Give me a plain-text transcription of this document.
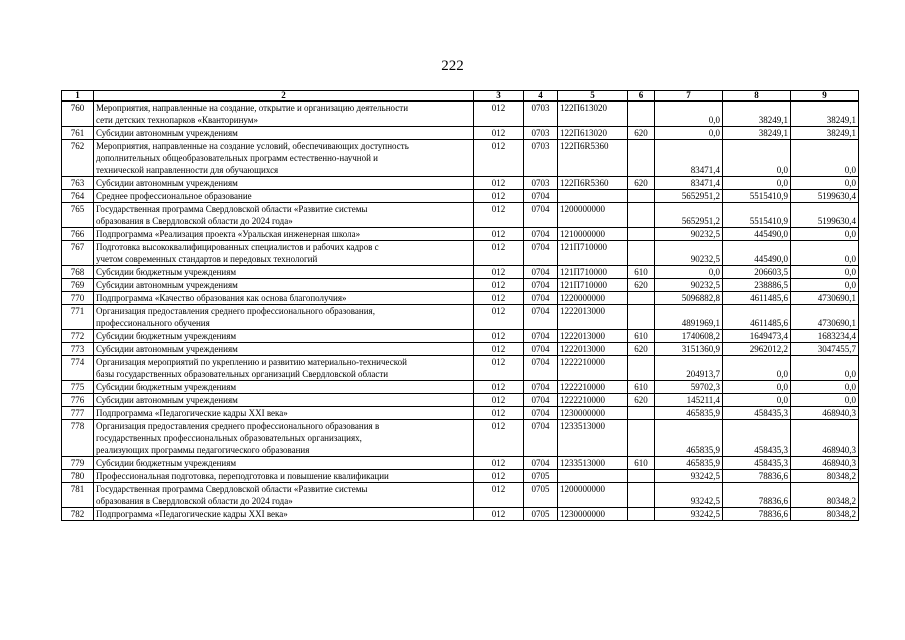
222
1	2	3	4	5	6	7	8	9
760	Мероприятия, направленные на создание, открытие и организацию деятельности
сети детских технопарков «Кванторинум»	012	0703	122П613020		0,0	38249,1	38249,1
761	Субсидии автономным учреждениям	012	0703	122П613020	620	0,0	38249,1	38249,1
762	Мероприятия, направленные на создание условий, обеспечивающих доступность
дополнительных общеобразовательных программ естественно-научной и
технической направленности для обучающихся	012	0703	122П6R5360		83471,4	0,0	0,0
763	Субсидии автономным учреждениям	012	0703	122П6R5360	620	83471,4	0,0	0,0
764	Среднее профессиональное образование	012	0704			5652951,2	5515410,9	5199630,4
765	Государственная программа Свердловской области «Развитие системы
образования в Свердловской области до 2024 года»	012	0704	1200000000		5652951,2	5515410,9	5199630,4
766	Подпрограмма «Реализация проекта «Уральская инженерная школа»	012	0704	1210000000		90232,5	445490,0	0,0
767	Подготовка высококвалифицированных специалистов и рабочих кадров с
учетом современных стандартов и передовых технологий	012	0704	121П710000		90232,5	445490,0	0,0
768	Субсидии бюджетным учреждениям	012	0704	121П710000	610	0,0	206603,5	0,0
769	Субсидии автономным учреждениям	012	0704	121П710000	620	90232,5	238886,5	0,0
770	Подпрограмма «Качество образования как основа благополучия»	012	0704	1220000000		5096882,8	4611485,6	4730690,1
771	Организация предоставления среднего профессионального образования,
профессионального обучения	012	0704	1222013000		4891969,1	4611485,6	4730690,1
772	Субсидии бюджетным учреждениям	012	0704	1222013000	610	1740608,2	1649473,4	1683234,4
773	Субсидии автономным учреждениям	012	0704	1222013000	620	3151360,9	2962012,2	3047455,7
774	Организация мероприятий по укреплению и развитию материально-технической
базы государственных образовательных организаций Свердловской области	012	0704	1222210000		204913,7	0,0	0,0
775	Субсидии бюджетным учреждениям	012	0704	1222210000	610	59702,3	0,0	0,0
776	Субсидии автономным учреждениям	012	0704	1222210000	620	145211,4	0,0	0,0
777	Подпрограмма «Педагогические кадры XXI века»	012	0704	1230000000		465835,9	458435,3	468940,3
778	Организация предоставления среднего профессионального образования в
государственных профессиональных образовательных организациях,
реализующих программы педагогического образования	012	0704	1233513000		465835,9	458435,3	468940,3
779	Субсидии бюджетным учреждениям	012	0704	1233513000	610	465835,9	458435,3	468940,3
780	Профессиональная подготовка, переподготовка и повышение квалификации	012	0705			93242,5	78836,6	80348,2
781	Государственная программа Свердловской области «Развитие системы
образования в Свердловской области до 2024 года»	012	0705	1200000000		93242,5	78836,6	80348,2
782	Подпрограмма «Педагогические кадры XXI века»	012	0705	1230000000		93242,5	78836,6	80348,2
